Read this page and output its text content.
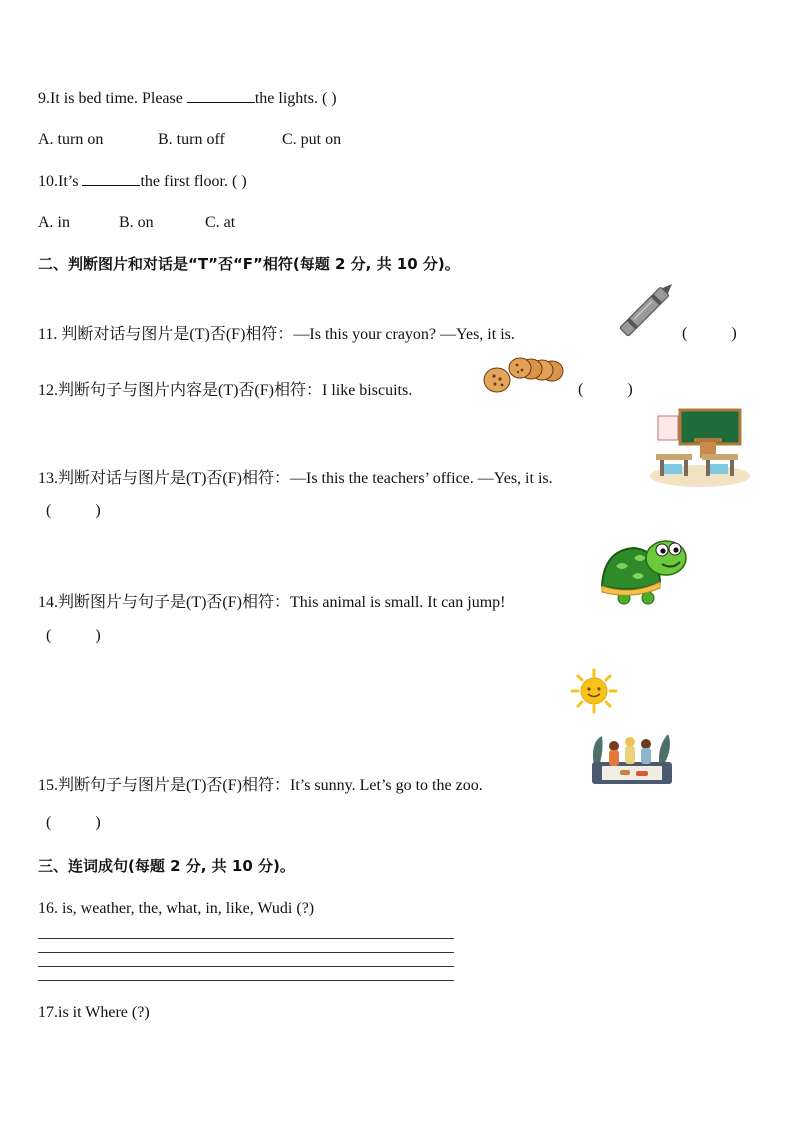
9.It is bed time. Please	the lights. ( )
A. turn on	B. turn off	C. put on
10.It’s	the first floor. ( )
A. in	B. on	C. at
二、判断图片和对话是“T”否“F”相符(每题 2 分, 共 10 分)。
11. 判断对话与图片是(T)否(F)相符：—Is this your crayon? —Yes, it is.	(           )
12.判断句子与图片内容是(T)否(F)相符：I like biscuits.	(           )
13.判断对话与图片是(T)否(F)相符：—Is this the teachers’ office. —Yes, it is.
(           )
14.判断图片与句子是(T)否(F)相符：This animal is small. It can jump!
(           )
15.判断句子与图片是(T)否(F)相符：It’s sunny. Let’s go to the zoo.
(           )
三、连词成句(每题 2 分, 共 10 分)。
16. is, weather, the, what, in, like, Wudi (?)
17.is it Where (?)
